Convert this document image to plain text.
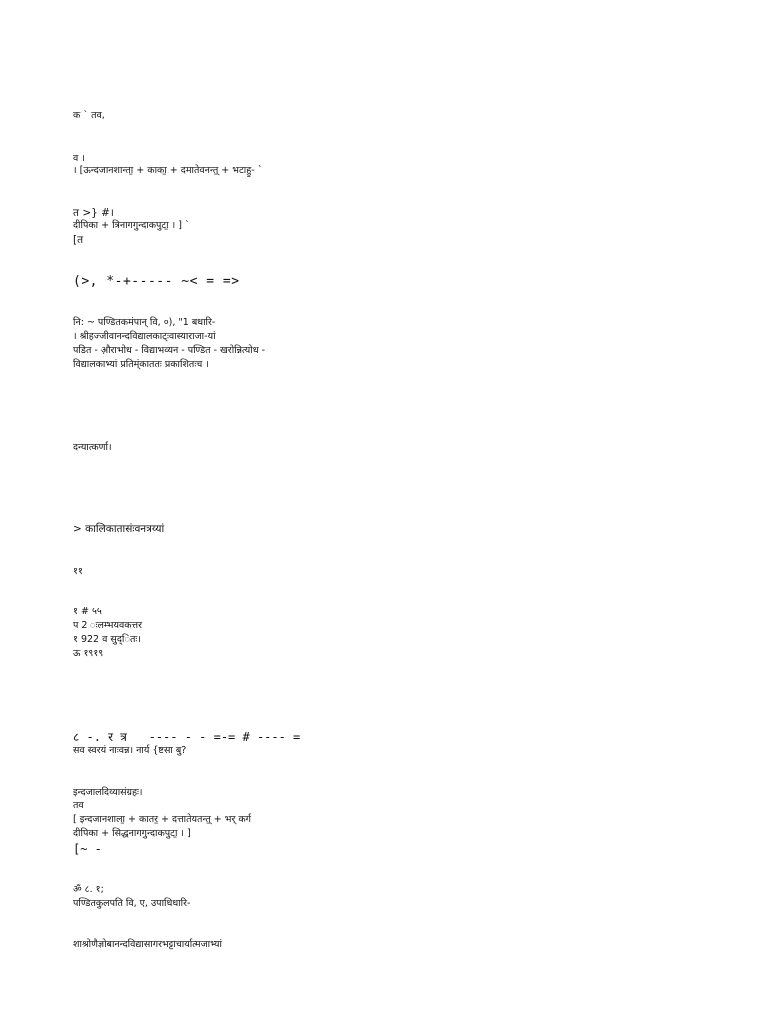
क ` तव,
व ।
। [ऊन्दजानशान्ता॒ + काका॒ + दमातेवनन्त्॒ + भटाहु॒- `
त >} #।
दीपिका + त्रिनागगुन्दाकपुटा॒ । ] `
[त
(>, *-+----- ~< = =>
नि: ~ पण्डितकमंपान् वि, ०), "1 बधारि-
। श्रीहज्जीवानन्दविद्यालकाट्ःवास्याराजा-यां
पडित - औ़राभोध - विद्याभव्यन - पण्डित - खरोन्नित्योध -
विद्यालकाभ्यां प्रतिम्ंकाततः प्रकाशितःच ।
दन्यात्कर्णा।
> कालिकातासंःवनत्रय्यां
११
१ # ५५
प 2 ःलम्भयवकत्तर
१ 922 व सुद्ितः।
ऊ १९१९
८ -. र त्र   ---- - - =-= # ---- =
सव स्वरयं नाःवन्न। नार्य {ष्टसा बु?
इन्दजालदिय्यासंग्रहः।
तव
[ इन्दजानशाला॒ + कातर॒ + दत्तातेयतन्त्॒ + भर् कर्ग
दीपिका + सिद्धनागगुन्दाकपुटा॒ । ]
[~ -
ॐ ८. १;
पण्डितकुलपति वि, ए, उपाधिधारि-
शाश्रोणैज्ञोबानन्दविद्यासागरभट्टाचार्यात्मजाभ्यां
